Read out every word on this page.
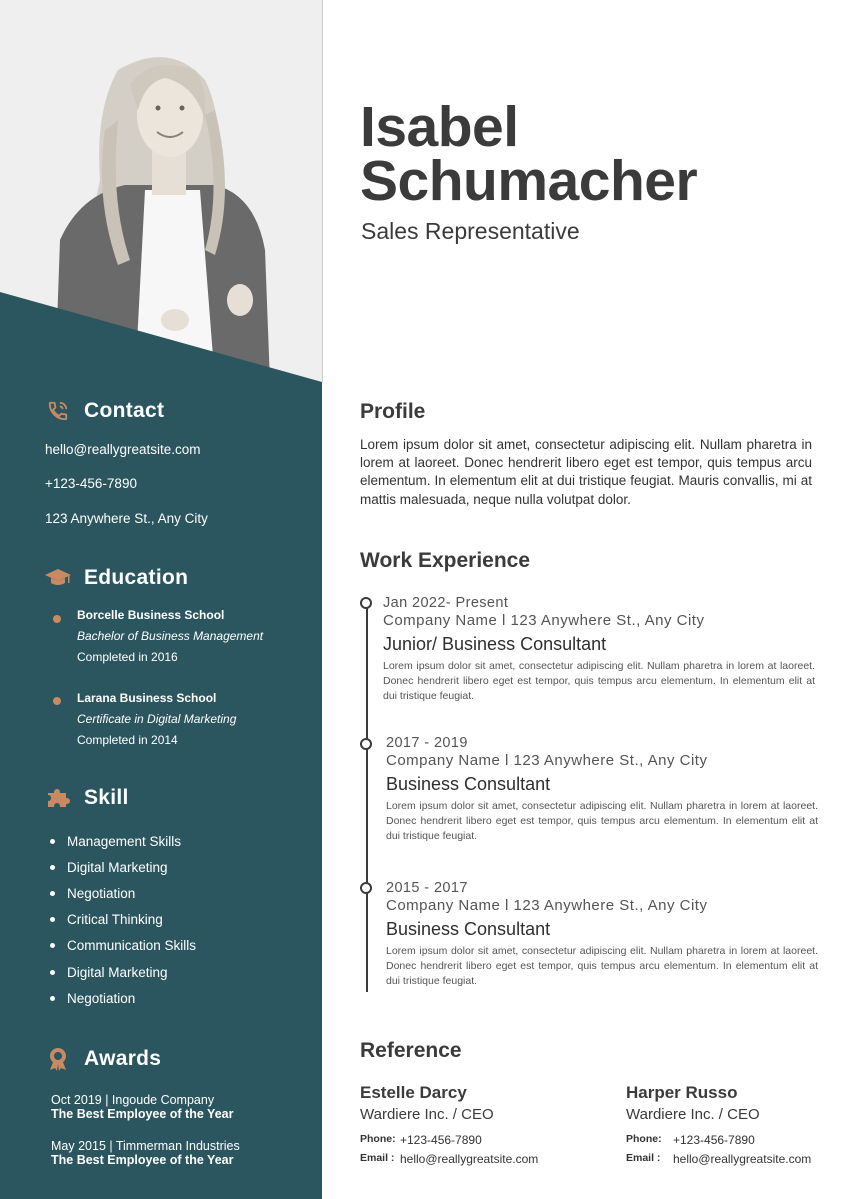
Contact
hello@reallygreatsite.com
+123-456-7890
123 Anywhere St., Any City
Education
Borcelle Business School
Bachelor of Business Management
Completed in 2016
Larana Business School
Certificate in Digital Marketing
Completed in 2014
Skill
Management Skills
Digital Marketing
Negotiation
Critical Thinking
Communication Skills
Digital Marketing
Negotiation
Awards
Oct 2019 | Ingoude Company
The Best Employee of the Year
May 2015 | Timmerman Industries
The Best Employee of the Year
Isabel
Schumacher
Sales Representative
Profile
Lorem ipsum dolor sit amet, consectetur adipiscing elit. Nullam pharetra in lorem at laoreet. Donec hendrerit libero eget est tempor, quis tempus arcu elementum. In elementum elit at dui tristique feugiat. Mauris convallis, mi at mattis malesuada, neque nulla volutpat dolor.
Work Experience
Jan 2022- Present
Company Name l 123 Anywhere St., Any City
Junior/ Business Consultant
Lorem ipsum dolor sit amet, consectetur adipiscing elit. Nullam pharetra in lorem at laoreet. Donec hendrerit libero eget est tempor, quis tempus arcu elementum. In elementum elit at dui tristique feugiat.
2017 - 2019
Company Name l 123 Anywhere St., Any City
Business Consultant
Lorem ipsum dolor sit amet, consectetur adipiscing elit. Nullam pharetra in lorem at laoreet. Donec hendrerit libero eget est tempor, quis tempus arcu elementum. In elementum elit at dui tristique feugiat.
2015 - 2017
Company Name l 123 Anywhere St., Any City
Business Consultant
Lorem ipsum dolor sit amet, consectetur adipiscing elit. Nullam pharetra in lorem at laoreet. Donec hendrerit libero eget est tempor, quis tempus arcu elementum. In elementum elit at dui tristique feugiat.
Reference
Estelle Darcy
Wardiere Inc. / CEO
Phone: +123-456-7890
Email : hello@reallygreatsite.com
Harper Russo
Wardiere Inc. / CEO
Phone: +123-456-7890
Email :	hello@reallygreatsite.com
